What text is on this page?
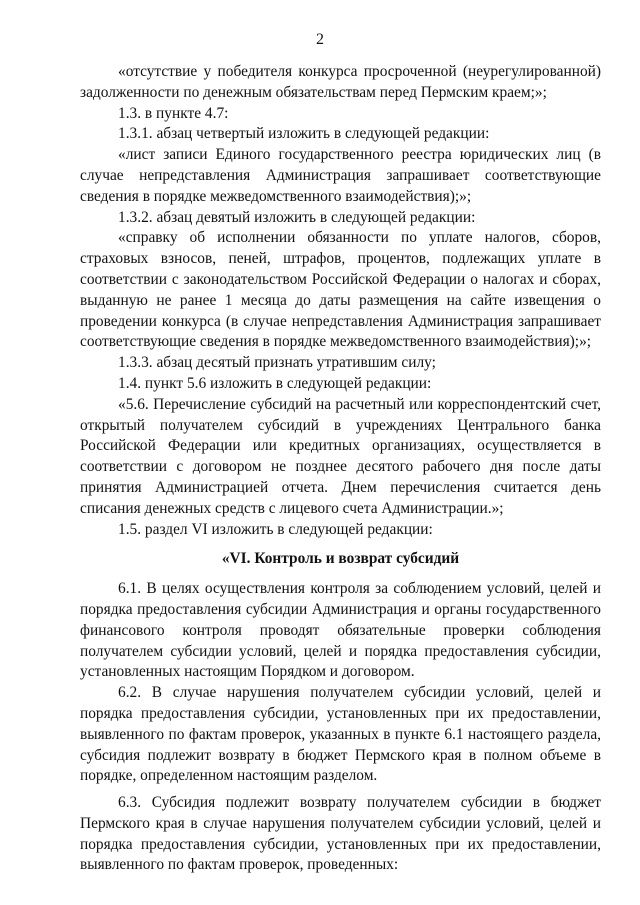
2

«отсутствие у победителя конкурса просроченной (неурегулированной) задолженности по денежным обязательствам перед Пермским краем;»;

1.3. в пункте 4.7:

1.3.1. абзац четвертый изложить в следующей редакции:

«лист записи Единого государственного реестра юридических лиц (в случае непредставления Администрация запрашивает соответствующие сведения в порядке межведомственного взаимодействия);»;

1.3.2. абзац девятый изложить в следующей редакции:

«справку об исполнении обязанности по уплате налогов, сборов, страховых взносов, пеней, штрафов, процентов, подлежащих уплате в соответствии с законодательством Российской Федерации о налогах и сборах, выданную не ранее 1 месяца до даты размещения на сайте извещения о проведении конкурса (в случае непредставления Администрация запрашивает соответствующие сведения в порядке межведомственного взаимодействия);»;

1.3.3. абзац десятый признать утратившим силу;

1.4. пункт 5.6 изложить в следующей редакции:

«5.6. Перечисление субсидий на расчетный или корреспондентский счет, открытый получателем субсидий в учреждениях Центрального банка Российской Федерации или кредитных организациях, осуществляется в соответствии с договором не позднее десятого рабочего дня после даты принятия Администрацией отчета. Днем перечисления считается день списания денежных средств с лицевого счета Администрации.»;

1.5. раздел VI изложить в следующей редакции:

«VI. Контроль и возврат субсидий

6.1. В целях осуществления контроля за соблюдением условий, целей и порядка предоставления субсидии Администрация и органы государственного финансового контроля проводят обязательные проверки соблюдения получателем субсидии условий, целей и порядка предоставления субсидии, установленных настоящим Порядком и договором.

6.2. В случае нарушения получателем субсидии условий, целей и порядка предоставления субсидии, установленных при их предоставлении, выявленного по фактам проверок, указанных в пункте 6.1 настоящего раздела, субсидия подлежит возврату в бюджет Пермского края в полном объеме в порядке, определенном настоящим разделом.

6.3. Субсидия подлежит возврату получателем субсидии в бюджет Пермского края в случае нарушения получателем субсидии условий, целей и порядка предоставления субсидии, установленных при их предоставлении, выявленного по фактам проверок, проведенных:
